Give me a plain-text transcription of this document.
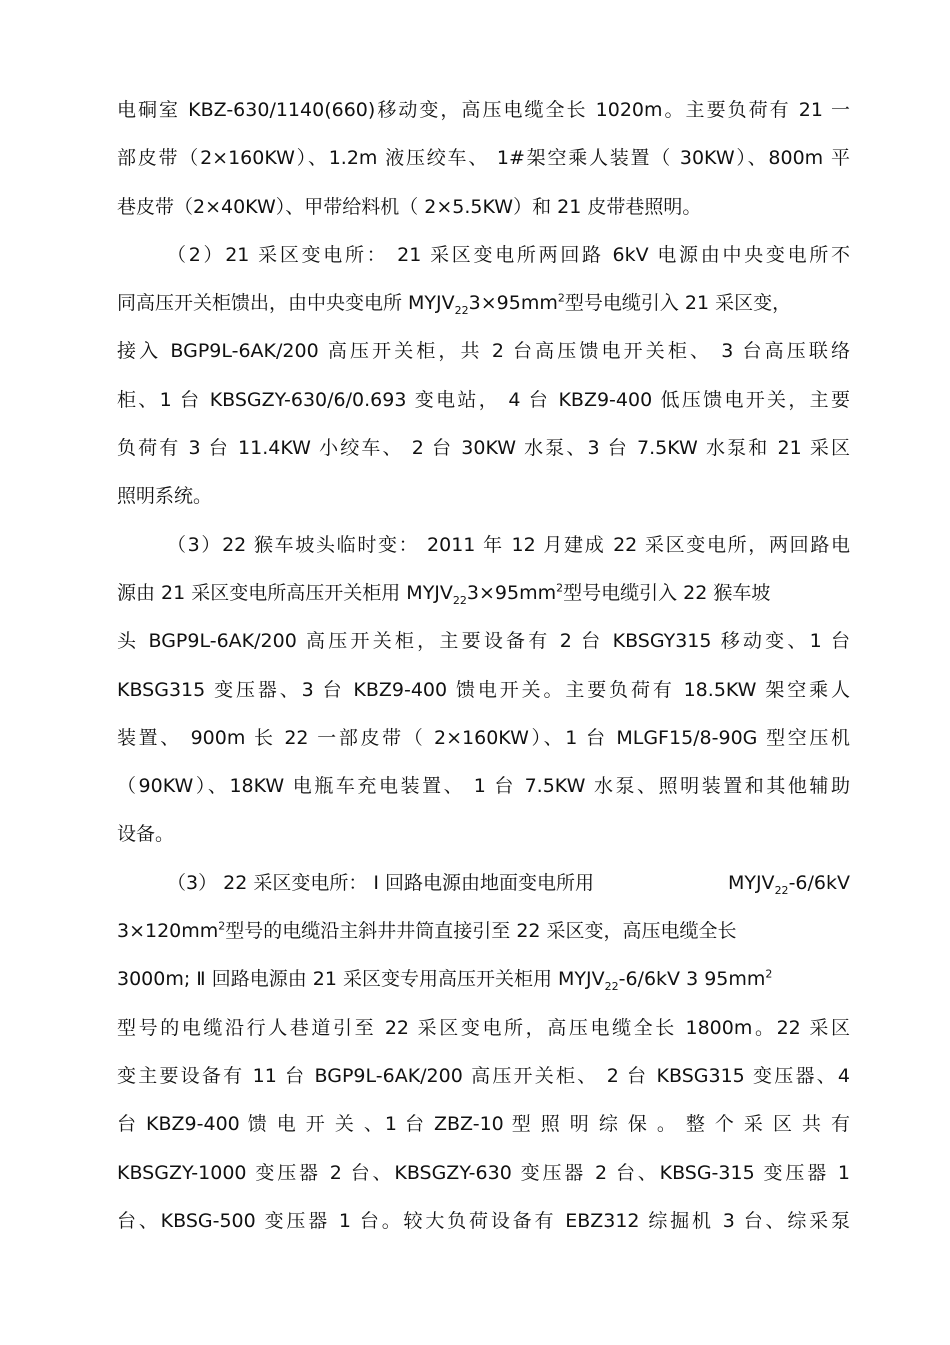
电硐室 KBZ-630/1140(660)移动变，高压电缆全长 1020m。主要负荷有 21 一
部皮带（2×160KW）、1.2m 液压绞车、 1#架空乘人装置（ 30KW）、800m 平
巷皮带（2×40KW）、甲带给料机（ 2×5.5KW）和 21 皮带巷照明。
（2）21 采区变电所： 21 采区变电所两回路 6kV 电源由中央变电所不
同高压开关柜馈出，由中央变电所 $MYJV_{22}3\times 95mm^2$型号电缆引入 21 采区变，
接入 BGP9L-6AK/200 高压开关柜，共 2 台高压馈电开关柜、 3 台高压联络
柜、1 台 KBSGZY-630/6/0.693 变电站， 4 台 KBZ9-400 低压馈电开关，主要
负荷有 3 台 11.4KW 小绞车、 2 台 30KW 水泵、3 台 7.5KW 水泵和 21 采区
照明系统。
（3）22 猴车坡头临时变： 2011 年 12 月建成 22 采区变电所，两回路电
源由 21 采区变电所高压开关柜用 $MYJV_{22}3\times 95mm^2$型号电缆引入 22 猴车坡
头 BGP9L-6AK/200 高压开关柜，主要设备有 2 台 KBSGY315 移动变、1 台
KBSG315 变压器、3 台 KBZ9-400 馈电开关。主要负荷有 18.5KW 架空乘人
装置、 900m 长 22 一部皮带（ 2×160KW）、1 台 MLGF15/8-90G 型空压机
（90KW）、18KW 电瓶车充电装置、 1 台 7.5KW 水泵、照明装置和其他辅助
设备。
（3） 22 采区变电所： Ⅰ 回路电源由地面变电所用	$MYJV_{22}-6/6kV$
$3\times 120mm^2$型号的电缆沿主斜井井筒直接引至 22 采区变，高压电缆全长
3000m; Ⅱ 回路电源由 21 采区变专用高压开关柜用 $MYJV_{22}-6/6kV$ 3 $95mm^2$
型号的电缆沿行人巷道引至 22 采区变电所，高压电缆全长 1800m。22 采区
变主要设备有 11 台 BGP9L-6AK/200 高压开关柜、 2 台 KBSG315 变压器、4
台 KBZ9-400 馈 电 开 关 、1 台 ZBZ-10 型 照 明 综 保 。 整 个 采 区 共 有
KBSGZY-1000 变压器 2 台、KBSGZY-630 变压器 2 台、KBSG-315 变压器 1
台、KBSG-500 变压器 1 台。较大负荷设备有 EBZ312 综掘机 3 台、综采泵
